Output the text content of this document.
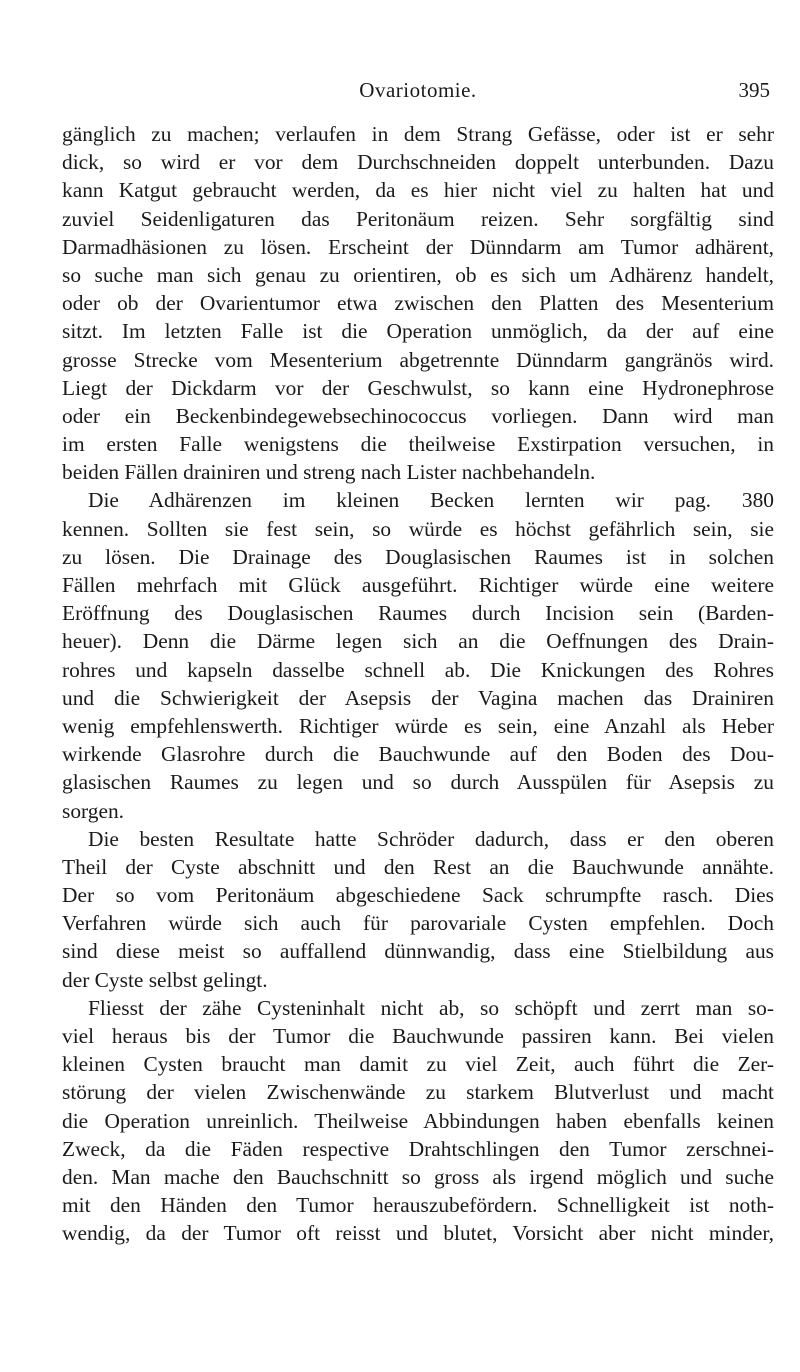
Ovariotomie.	395
gänglich zu machen; verlaufen in dem Strang Gefässe, oder ist er sehr
dick, so wird er vor dem Durchschneiden doppelt unterbunden. Dazu
kann Katgut gebraucht werden, da es hier nicht viel zu halten hat und
zuviel Seidenligaturen das Peritonäum reizen. Sehr sorgfältig sind
Darmadhäsionen zu lösen. Erscheint der Dünndarm am Tumor adhärent,
so suche man sich genau zu orientiren, ob es sich um Adhärenz handelt,
oder ob der Ovarientumor etwa zwischen den Platten des Mesenterium
sitzt. Im letzten Falle ist die Operation unmöglich, da der auf eine
grosse Strecke vom Mesenterium abgetrennte Dünndarm gangränös wird.
Liegt der Dickdarm vor der Geschwulst, so kann eine Hydronephrose
oder ein Beckenbindegewebsechinococcus vorliegen. Dann wird man
im ersten Falle wenigstens die theilweise Exstirpation versuchen, in
beiden Fällen drainiren und streng nach Lister nachbehandeln.
Die Adhärenzen im kleinen Becken lernten wir pag. 380
kennen. Sollten sie fest sein, so würde es höchst gefährlich sein, sie
zu lösen. Die Drainage des Douglasischen Raumes ist in solchen
Fällen mehrfach mit Glück ausgeführt. Richtiger würde eine weitere
Eröffnung des Douglasischen Raumes durch Incision sein (Barden-
heuer). Denn die Därme legen sich an die Oeffnungen des Drain-
rohres und kapseln dasselbe schnell ab. Die Knickungen des Rohres
und die Schwierigkeit der Asepsis der Vagina machen das Drainiren
wenig empfehlenswerth. Richtiger würde es sein, eine Anzahl als Heber
wirkende Glasrohre durch die Bauchwunde auf den Boden des Dou-
glasischen Raumes zu legen und so durch Ausspülen für Asepsis zu
sorgen.
Die besten Resultate hatte Schröder dadurch, dass er den oberen
Theil der Cyste abschnitt und den Rest an die Bauchwunde annähte.
Der so vom Peritonäum abgeschiedene Sack schrumpfte rasch. Dies
Verfahren würde sich auch für parovariale Cysten empfehlen. Doch
sind diese meist so auffallend dünnwandig, dass eine Stielbildung aus
der Cyste selbst gelingt.
Fliesst der zähe Cysteninhalt nicht ab, so schöpft und zerrt man so-
viel heraus bis der Tumor die Bauchwunde passiren kann. Bei vielen
kleinen Cysten braucht man damit zu viel Zeit, auch führt die Zer-
störung der vielen Zwischenwände zu starkem Blutverlust und macht
die Operation unreinlich. Theilweise Abbindungen haben ebenfalls keinen
Zweck, da die Fäden respective Drahtschlingen den Tumor zerschnei-
den. Man mache den Bauchschnitt so gross als irgend möglich und suche
mit den Händen den Tumor herauszubefördern. Schnelligkeit ist noth-
wendig, da der Tumor oft reisst und blutet, Vorsicht aber nicht minder,
